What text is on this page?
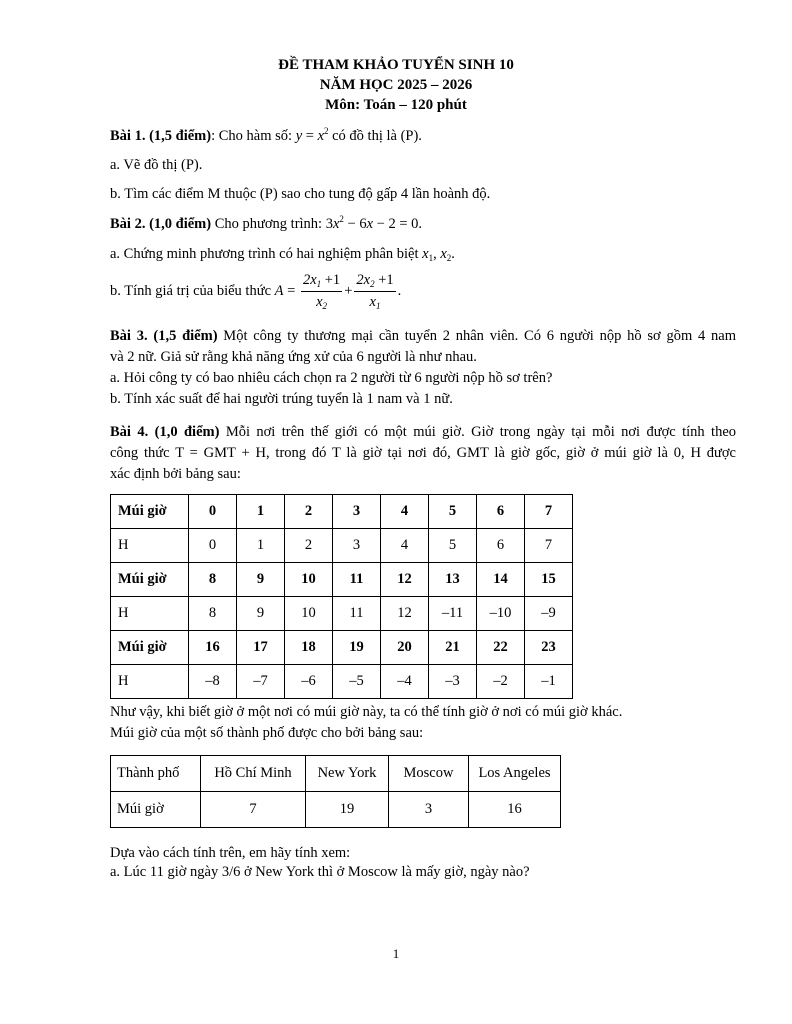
ĐỀ THAM KHẢO TUYỂN SINH 10
NĂM HỌC 2025 – 2026
Môn: Toán – 120 phút
Bài 1. (1,5 điểm): Cho hàm số: $y = x^2$ có đồ thị là (P).
a. Vẽ đồ thị (P).
b. Tìm các điểm M thuộc (P) sao cho tung độ gấp 4 lần hoành độ.
Bài 2. (1,0 điểm) Cho phương trình: $3x^2 - 6x - 2 = 0$.
a. Chứng minh phương trình có hai nghiệm phân biệt $x_1$, $x_2$.
b. Tính giá trị của biểu thức $A = \frac{2x_1 +1}{x_2} + \frac{2x_2 +1}{x_1}$ .
Bài 3. (1,5 điểm) Một công ty thương mại cần tuyển 2 nhân viên. Có 6 người nộp hồ sơ gồm 4 nam
và 2 nữ. Giả sử rằng khả năng ứng xử của 6 người là như nhau.
a. Hỏi công ty có bao nhiêu cách chọn ra 2 người từ 6 người nộp hồ sơ trên?
b. Tính xác suất để hai người trúng tuyển là 1 nam và 1 nữ.
Bài 4. (1,0 điểm) Mỗi nơi trên thế giới có một múi giờ. Giờ trong ngày tại mỗi nơi được tính theo
công thức T = GMT + H, trong đó T là giờ tại nơi đó, GMT là giờ gốc, giờ ở múi giờ là 0, H được
xác định bởi bảng sau:
Múi giờ	0	1	2	3	4	5	6	7
H	0	1	2	3	4	5	6	7
Múi giờ	8	9	10	11	12	13	14	15
H	8	9	10	11	12	–11	–10	–9
Múi giờ	16	17	18	19	20	21	22	23
H	–8	–7	–6	–5	–4	–3	–2	–1
Như vậy, khi biết giờ ở một nơi có múi giờ này, ta có thể tính giờ ở nơi có múi giờ khác.
Múi giờ của một số thành phố được cho bởi bảng sau:
Thành phố	Hồ Chí Minh	New York	Moscow	Los Angeles
Múi giờ	7	19	3	16
Dựa vào cách tính trên, em hãy tính xem:
a. Lúc 11 giờ ngày 3/6 ở New York thì ở Moscow là mấy giờ, ngày nào?
1
